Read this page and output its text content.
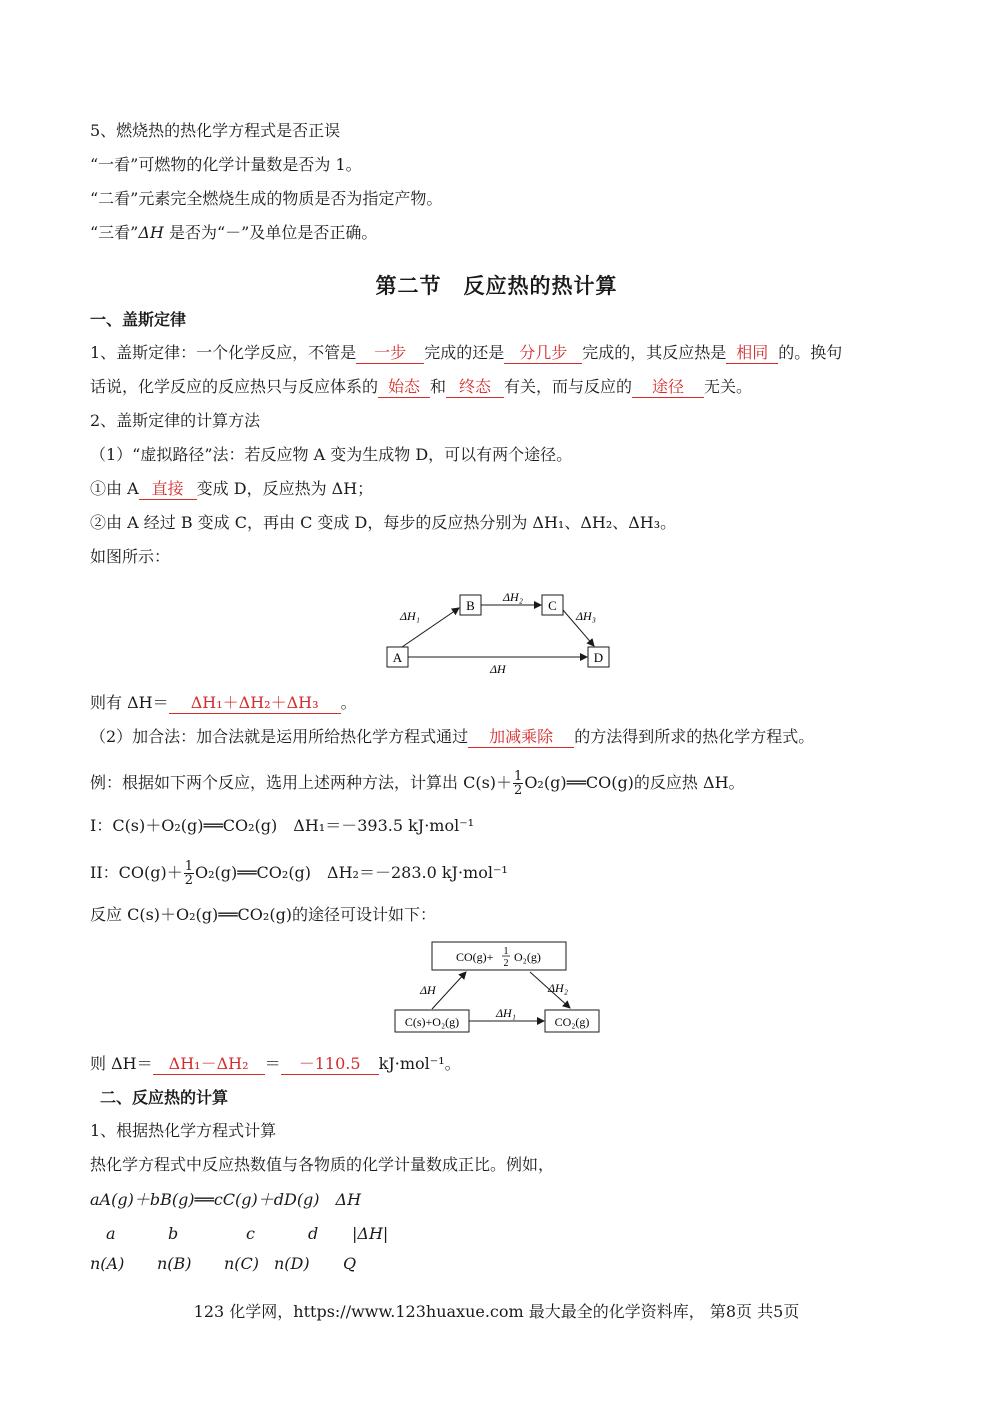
5、燃烧热的热化学方程式是否正误
“一看”可燃物的化学计量数是否为 1。
“二看”元素完全燃烧生成的物质是否为指定产物。
“三看”ΔH 是否为“－”及单位是否正确。
第二节　反应热的热计算
一、盖斯定律
1、盖斯定律：一个化学反应，不管是 一步 完成的还是 分几步 完成的，其反应热是 相同 的。换句
话说，化学反应的反应热只与反应体系的 始态 和 终态 有关，而与反应的 途径 无关。
2、盖斯定律的计算方法
（1）“虚拟路径”法：若反应物 A 变为生成物 D，可以有两个途径。
①由 A 直接 变成 D，反应热为 ΔH；
②由 A 经过 B 变成 C，再由 C 变成 D，每步的反应热分别为 ΔH₁、ΔH₂、ΔH₃。
如图所示：
A
B	C
D
ΔH₁
ΔH₂
ΔH₃
ΔH
则有 ΔH＝ ΔH₁＋ΔH₂＋ΔH₃ 。
（2）加合法：加合法就是运用所给热化学方程式通过 加减乘除 的方法得到所求的热化学方程式。
例：根据如下两个反应，选用上述两种方法，计算出 $C(s)+ \frac{1}{2}$ O₂(g)══CO(g)的反应热 ΔH。
I：C(s)＋O₂(g)══CO₂(g)　ΔH₁＝－393.5 kJ·mol⁻¹
II：$CO(g)+ \frac{1}{2}$ O₂(g)══CO₂(g)　ΔH₂＝－283.0 kJ·mol⁻¹
反应 C(s)＋O₂(g)══CO₂(g)的途径可设计如下：
CO(g)+ 1
2 O₂(g)
C(s)+O₂(g)	CO₂(g)
ΔH
ΔH₁
ΔH₂
则 ΔH＝ ΔH₁－ΔH₂ ＝ －110.5 kJ·mol⁻¹。
二、反应热的计算
1、根据热化学方程式计算
热化学方程式中反应热数值与各物质的化学计量数成正比。例如，
aA(g)＋bB(g)══cC(g)＋dD(g)　ΔH
a	b	c	d |ΔH|
n(A) n(B) n(C) n(D) Q
123 化学网，https://www.123huaxue.com 最大最全的化学资料库， 第8页 共5页
